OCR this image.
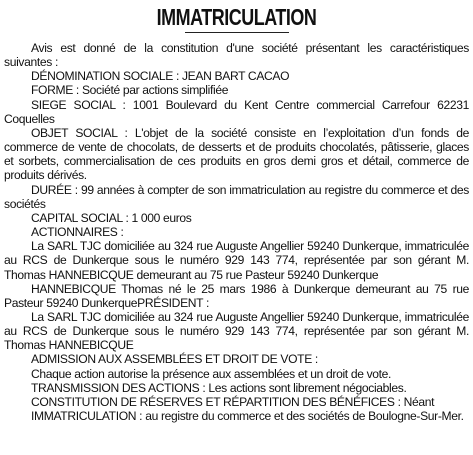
IMMATRICULATION

Avis est donné de la constitution d'une société présentant les caractéristiques suivantes :

DÉNOMINATION SOCIALE : JEAN BART CACAO

FORME : Société par actions simplifiée

SIEGE SOCIAL : 1001 Boulevard du Kent Centre commercial Carrefour 62231 Coquelles

OBJET SOCIAL : L'objet de la société consiste en l’exploitation d’un fonds de commerce de vente de chocolats, de desserts et de produits chocolatés, pâtisserie, glaces et sorbets, commercialisation de ces produits en gros demi gros et détail, commerce de produits dérivés.

DURÉE : 99 années à compter de son immatriculation au registre du commerce et des sociétés

CAPITAL SOCIAL : 1 000 euros

ACTIONNAIRES :

La SARL TJC domiciliée au 324 rue Auguste Angellier 59240 Dunkerque, immatriculée au RCS de Dunkerque sous le numéro 929 143 774, représentée par son gérant M. Thomas HANNEBICQUE demeurant au 75 rue Pasteur 59240 Dunkerque

HANNEBICQUE Thomas né le 25 mars 1986 à Dunkerque demeurant au 75 rue Pasteur 59240 DunkerquePRÉSIDENT :

La SARL TJC domiciliée au 324 rue Auguste Angellier 59240 Dunkerque, immatriculée au RCS de Dunkerque sous le numéro 929 143 774, représentée par son gérant M. Thomas HANNEBICQUE

ADMISSION AUX ASSEMBLÉES ET DROIT DE VOTE :

Chaque action autorise la présence aux assemblées et un droit de vote.

TRANSMISSION DES ACTIONS : Les actions sont librement négociables.

CONSTITUTION DE RÉSERVES ET RÉPARTITION DES BÉNÉFICES : Néant

IMMATRICULATION : au registre du commerce et des sociétés de Boulogne-Sur-Mer.
